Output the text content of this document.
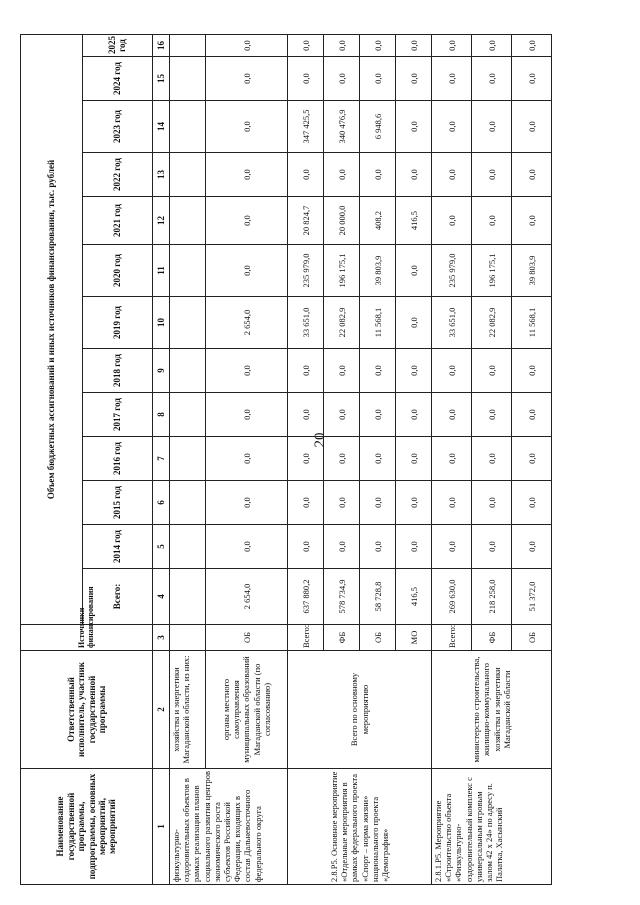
20
Наименование государственной программы, подпрограммы, основных мероприятий, мероприятий	Ответственный исполнитель, участник государственной программы	Источники финансирования	Объем бюджетных ассигнований и иных источников финансирования, тыс. рублей												
			Всего:	2014 год	2015 год	2016 год	2017 год	2018 год	2019 год	2020 год	2021 год	2022 год	2023 год	2024 год	2025 год
1	2	3	4	5	6	7	8	9	10	11	12	13	14	15	16
физкультурно-оздоровительных объектов в рамках реализации планов социального развития центров экономического роста субъектов Российской Федерации, входящих в состав Дальневосточного федерального округа	хозяйства и энергетики Магаданской области, из них:														
	органы местного самоуправления муниципальных образований Магаданской области (по согласованию)	ОБ	2 654,0	0,0	0,0	0,0	0,0	0,0	2 654,0	0,0	0,0	0,0	0,0	0,0	0,0
2.8.Р5. Основное мероприятие «Отдельные мероприятия в рамках федерального проекта «Спорт – норма жизни» национального проекта «Демография»	Всего по основному мероприятию	Всего:	637 880,2	0,0	0,0	0,0	0,0	0,0	33 651,0	235 979,0	20 824,7	0,0	347 425,5	0,0	0,0
		ФБ	578 734,9	0,0	0,0	0,0	0,0	0,0	22 082,9	196 175,1	20 000,0	0,0	340 476,9	0,0	0,0
		ОБ	58 728,8	0,0	0,0	0,0	0,0	0,0	11 568,1	39 803,9	408,2	0,0	6 948,6	0,0	0,0
		МО	416,5	0,0	0,0	0,0	0,0	0,0	0,0	0,0	416,5	0,0	0,0	0,0	0,0
2.8.1.Р5. Мероприятие «Строительство объекта «Физкультурно-оздоровительный комплекс с универсальным игровым залом 42 х 24» по адресу п. Палатка, Хасынский	министерство строительства, жилищно-коммунального хозяйства и энергетики Магаданской области	Всего:	269 630,0	0,0	0,0	0,0	0,0	0,0	33 651,0	235 979,0	0,0	0,0	0,0	0,0	0,0
		ФБ	218 258,0	0,0	0,0	0,0	0,0	0,0	22 082,9	196 175,1	0,0	0,0	0,0	0,0	0,0
		ОБ	51 372,0	0,0	0,0	0,0	0,0	0,0	11 568,1	39 803,9	0,0	0,0	0,0	0,0	0,0
